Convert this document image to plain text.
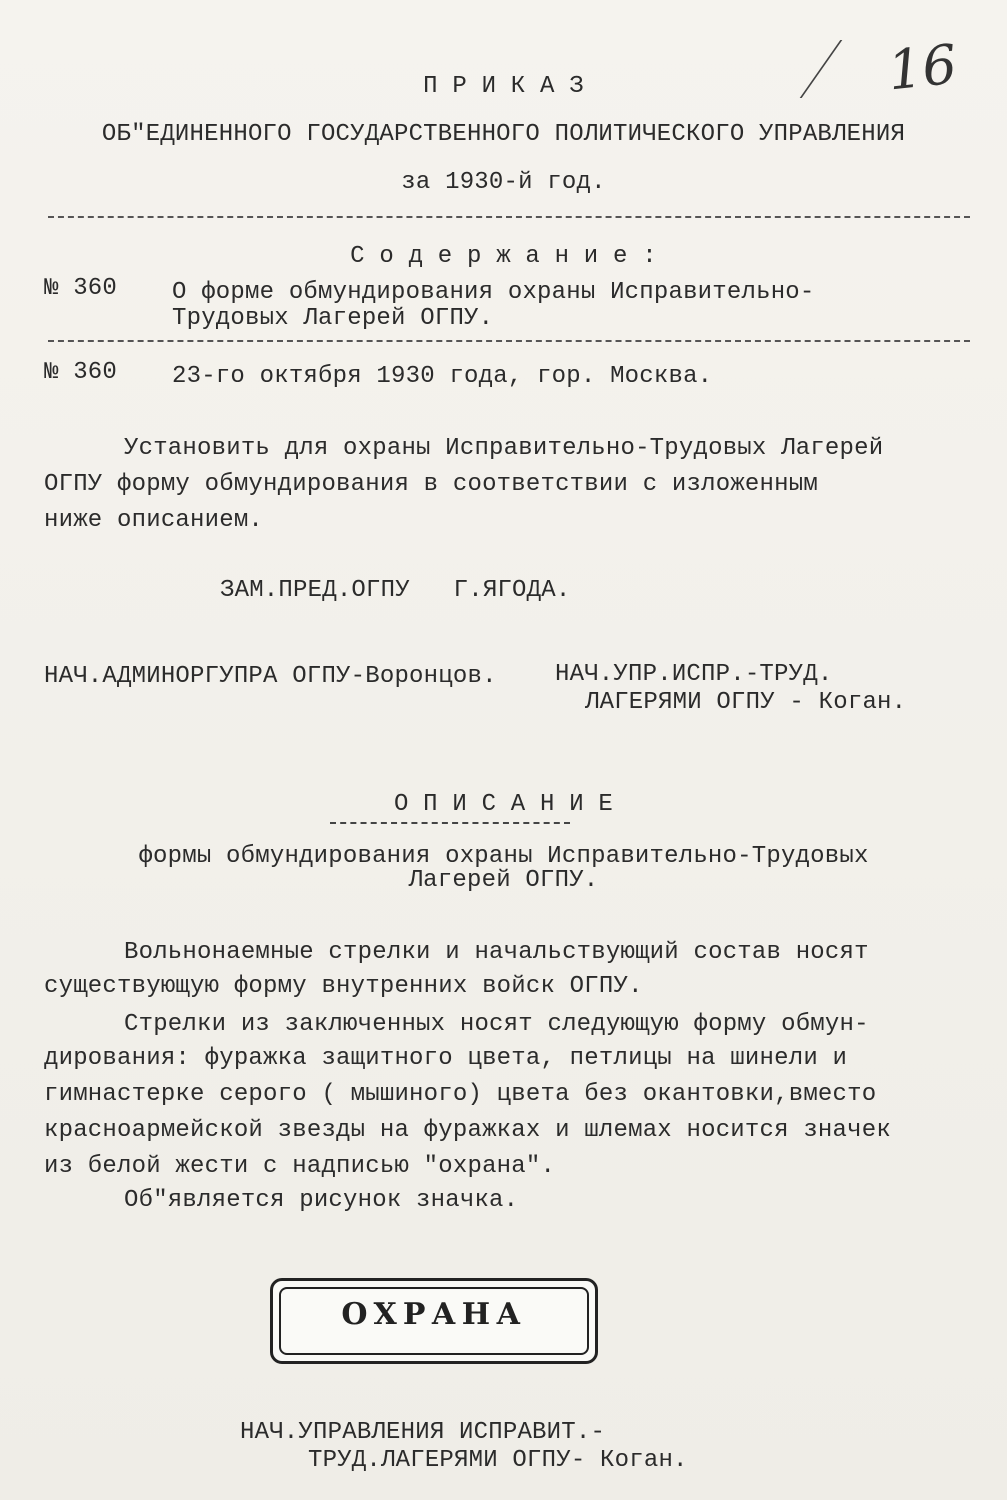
16
П Р И К А З
ОБ"ЕДИНЕННОГО ГОСУДАРСТВЕННОГО ПОЛИТИЧЕСКОГО УПРАВЛЕНИЯ
за 1930-й год.
С о д е р ж а н и е :
№ 360 О форме обмундирования охраны Исправительно-
Трудовых Лагерей ОГПУ.
№ 360 23-го октября 1930 года, гор. Москва.
Установить для охраны Исправительно-Трудовых Лагерей
ОГПУ форму обмундирования в соответствии с изложенным
ниже описанием.
ЗАМ.ПРЕД.ОГПУ   Г.ЯГОДА.
НАЧ.АДМИНОРГУПРА ОГПУ-Воронцов. НАЧ.УПР.ИСПР.-ТРУД.
ЛАГЕРЯМИ ОГПУ - Коган.
О П И С А Н И Е
формы обмундирования охраны Исправительно-Трудовых
Лагерей ОГПУ.
Вольнонаемные стрелки и начальствующий состав носят
существующую форму внутренних войск ОГПУ.
Стрелки из заключенных носят следующую форму обмун-
дирования: фуражка защитного цвета, петлицы на шинели и
гимнастерке серого ( мышиного) цвета без окантовки,вместо
красноармейской звезды на фуражках и шлемах носится значек
из белой жести с надписью "охрана".
Об"является рисунок значка.
ОХРАНА
НАЧ.УПРАВЛЕНИЯ ИСПРАВИТ.-
ТРУД.ЛАГЕРЯМИ ОГПУ- Коган.
